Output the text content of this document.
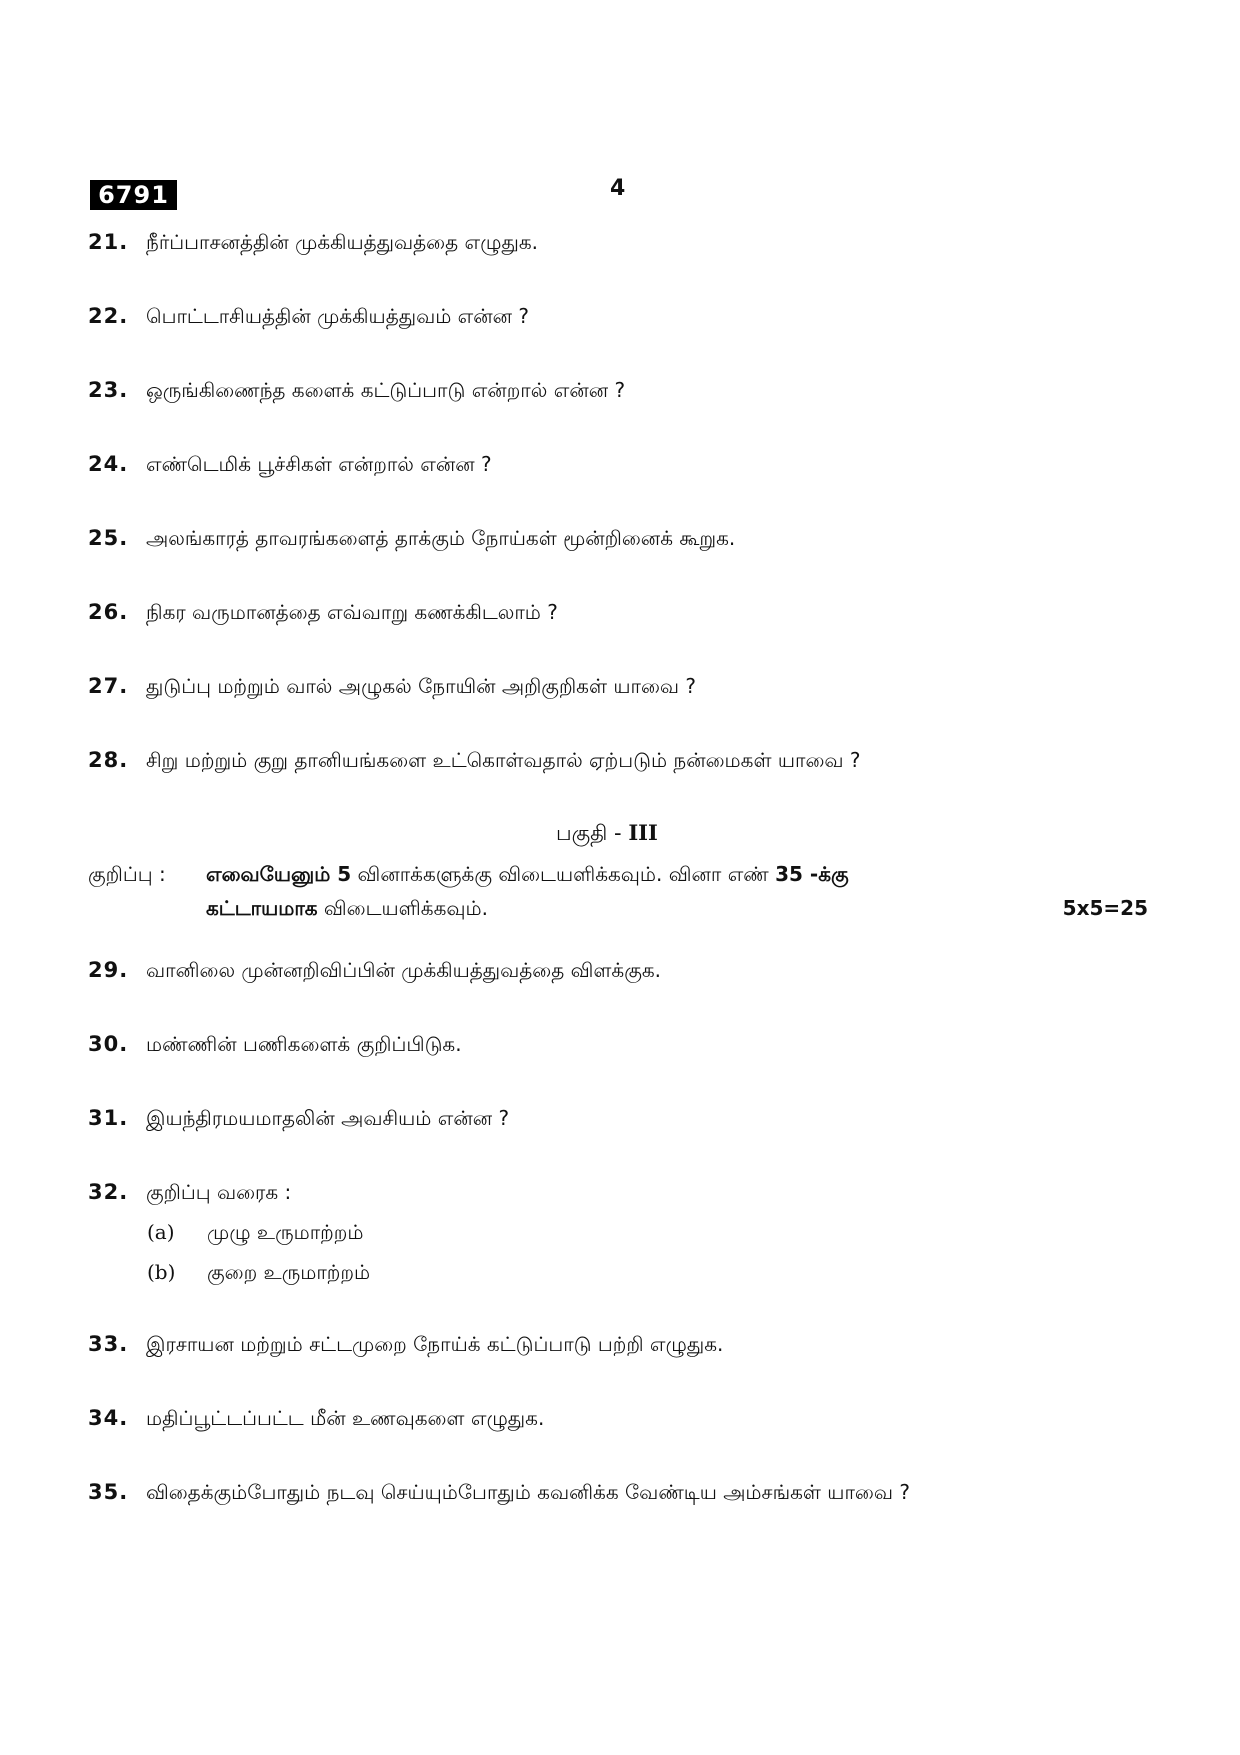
6791	4
21. நீர்ப்பாசனத்தின் முக்கியத்துவத்தை எழுதுக.
22. பொட்டாசியத்தின் முக்கியத்துவம் என்ன ?
23. ஒருங்கிணைந்த களைக் கட்டுப்பாடு என்றால் என்ன ?
24. எண்டெமிக் பூச்சிகள் என்றால் என்ன ?
25. அலங்காரத் தாவரங்களைத் தாக்கும் நோய்கள் மூன்றினைக் கூறுக.
26. நிகர வருமானத்தை எவ்வாறு கணக்கிடலாம் ?
27. துடுப்பு மற்றும் வால் அழுகல் நோயின் அறிகுறிகள் யாவை ?
28. சிறு மற்றும் குறு தானியங்களை உட்கொள்வதால் ஏற்படும் நன்மைகள் யாவை ?
பகுதி - III
குறிப்பு : எவையேனும் 5 வினாக்களுக்கு விடையளிக்கவும். வினா எண் 35 -க்கு
கட்டாயமாக விடையளிக்கவும்.	5x5=25
29. வானிலை முன்னறிவிப்பின் முக்கியத்துவத்தை விளக்குக.
30. மண்ணின் பணிகளைக் குறிப்பிடுக.
31. இயந்திரமயமாதலின் அவசியம் என்ன ?
32. குறிப்பு வரைக :
(a) முழு உருமாற்றம்
(b) குறை உருமாற்றம்
33. இரசாயன மற்றும் சட்டமுறை நோய்க் கட்டுப்பாடு பற்றி எழுதுக.
34. மதிப்பூட்டப்பட்ட மீன் உணவுகளை எழுதுக.
35. விதைக்கும்போதும் நடவு செய்யும்போதும் கவனிக்க வேண்டிய அம்சங்கள் யாவை ?
